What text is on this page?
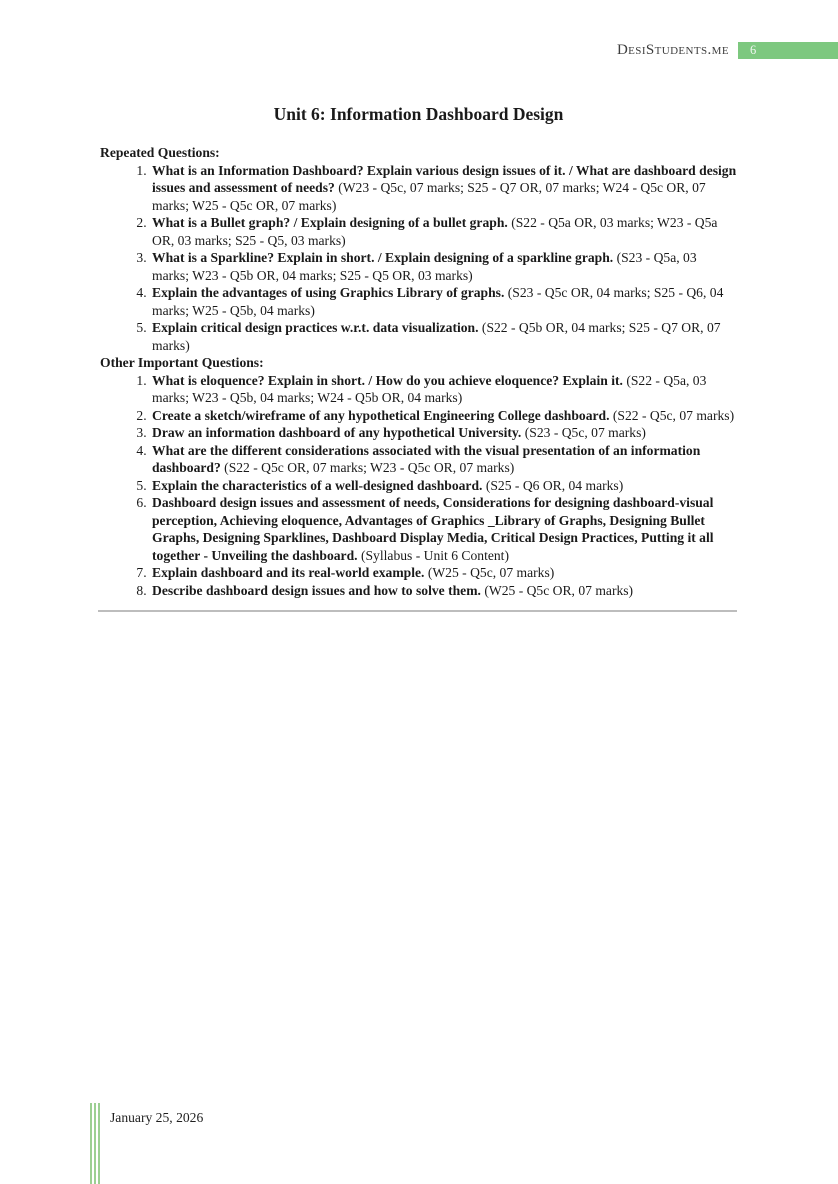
DesiStudents.me	6
Unit 6: Information Dashboard Design
Repeated Questions:
1. What is an Information Dashboard? Explain various design issues of it. / What are dashboard design issues and assessment of needs? (W23 - Q5c, 07 marks; S25 - Q7 OR, 07 marks; W24 - Q5c OR, 07 marks; W25 - Q5c OR, 07 marks)
2. What is a Bullet graph? / Explain designing of a bullet graph. (S22 - Q5a OR, 03 marks; W23 - Q5a OR, 03 marks; S25 - Q5, 03 marks)
3. What is a Sparkline? Explain in short. / Explain designing of a sparkline graph. (S23 - Q5a, 03 marks; W23 - Q5b OR, 04 marks; S25 - Q5 OR, 03 marks)
4. Explain the advantages of using Graphics Library of graphs. (S23 - Q5c OR, 04 marks; S25 - Q6, 04 marks; W25 - Q5b, 04 marks)
5. Explain critical design practices w.r.t. data visualization. (S22 - Q5b OR, 04 marks; S25 - Q7 OR, 07 marks)
Other Important Questions:
1. What is eloquence? Explain in short. / How do you achieve eloquence? Explain it. (S22 - Q5a, 03 marks; W23 - Q5b, 04 marks; W24 - Q5b OR, 04 marks)
2. Create a sketch/wireframe of any hypothetical Engineering College dashboard. (S22 - Q5c, 07 marks)
3. Draw an information dashboard of any hypothetical University. (S23 - Q5c, 07 marks)
4. What are the different considerations associated with the visual presentation of an information dashboard? (S22 - Q5c OR, 07 marks; W23 - Q5c OR, 07 marks)
5. Explain the characteristics of a well-designed dashboard. (S25 - Q6 OR, 04 marks)
6. Dashboard design issues and assessment of needs, Considerations for designing dashboard-visual perception, Achieving eloquence, Advantages of Graphics _Library of Graphs, Designing Bullet Graphs, Designing Sparklines, Dashboard Display Media, Critical Design Practices, Putting it all together - Unveiling the dashboard. (Syllabus - Unit 6 Content)
7. Explain dashboard and its real-world example. (W25 - Q5c, 07 marks)
8. Describe dashboard design issues and how to solve them. (W25 - Q5c OR, 07 marks)
January 25, 2026
